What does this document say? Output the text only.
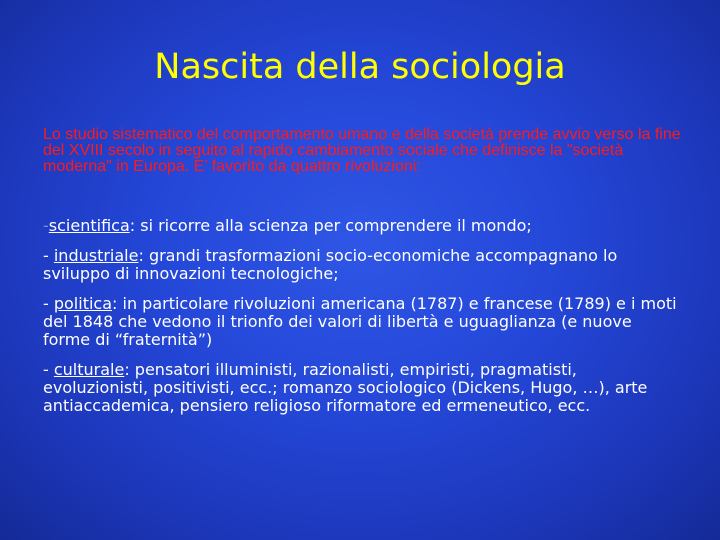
Nascita della sociologia
Lo studio sistematico del comportamento umano e della società prende avvio verso la fine del XVIII secolo in seguito al rapido cambiamento sociale che definisce la "società moderna" in Europa. E’ favorito da quattro rivoluzioni:
-scientifica: si ricorre alla scienza per comprendere il mondo;
- industriale: grandi trasformazioni socio-economiche accompagnano lo sviluppo di innovazioni tecnologiche;
- politica: in particolare rivoluzioni americana (1787) e francese (1789) e i moti del 1848 che vedono il trionfo dei valori di libertà e uguaglianza (e nuove forme di “fraternità”)
- culturale: pensatori illuministi, razionalisti, empiristi, pragmatisti, evoluzionisti, positivisti, ecc.; romanzo sociologico (Dickens, Hugo, …), arte antiaccademica, pensiero religioso riformatore ed ermeneutico, ecc.
